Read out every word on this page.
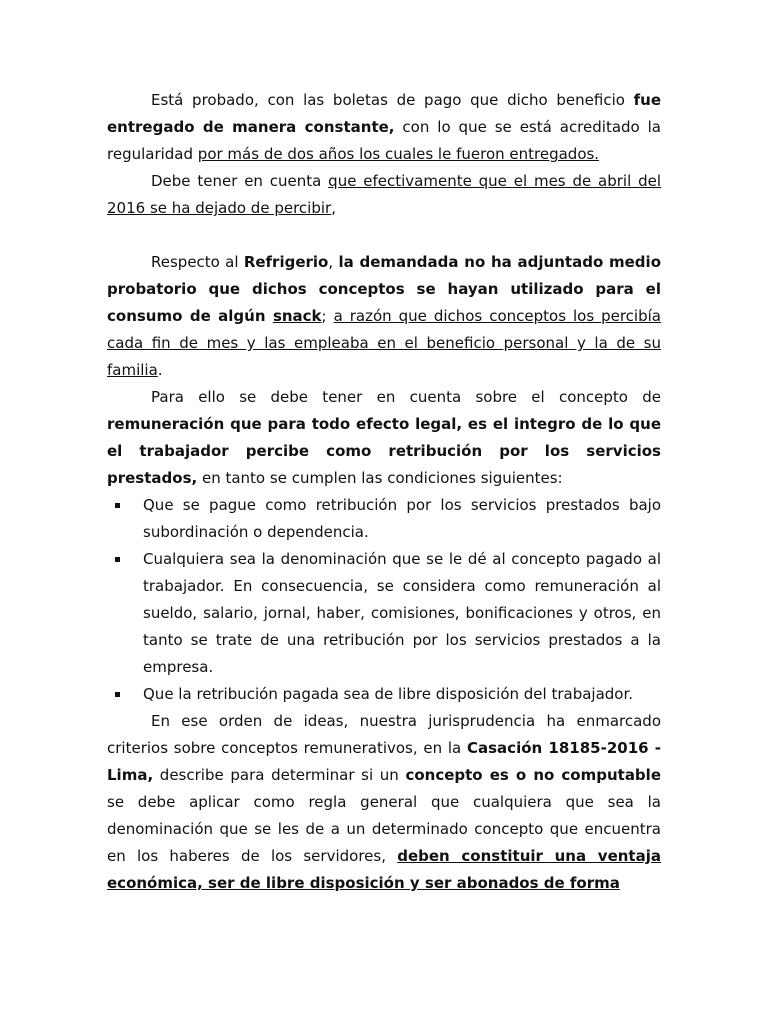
Está probado, con las boletas de pago que dicho beneficio fue entregado de manera constante, con lo que se está acreditado la regularidad por más de dos años los cuales le fueron entregados.

Debe tener en cuenta que efectivamente que el mes de abril del 2016 se ha dejado de percibir,

Respecto al Refrigerio, la demandada no ha adjuntado medio probatorio que dichos conceptos se hayan utilizado para el consumo de algún snack; a razón que dichos conceptos los percibía cada fin de mes y las empleaba en el beneficio personal y la de su familia.

Para ello se debe tener en cuenta sobre el concepto de remuneración que para todo efecto legal, es el integro de lo que el trabajador percibe como retribución por los servicios prestados, en tanto se cumplen las condiciones siguientes:

Que se pague como retribución por los servicios prestados bajo subordinación o dependencia.
Cualquiera sea la denominación que se le dé al concepto pagado al trabajador. En consecuencia, se considera como remuneración al sueldo, salario, jornal, haber, comisiones, bonificaciones y otros, en tanto se trate de una retribución por los servicios prestados a la empresa.
Que la retribución pagada sea de libre disposición del trabajador.

En ese orden de ideas, nuestra jurisprudencia ha enmarcado criterios sobre conceptos remunerativos, en la Casación 18185-2016 - Lima, describe para determinar si un concepto es o no computable se debe aplicar como regla general que cualquiera que sea la denominación que se les de a un determinado concepto que encuentra en los haberes de los servidores, deben constituir una ventaja económica, ser de libre disposición y ser abonados de forma
